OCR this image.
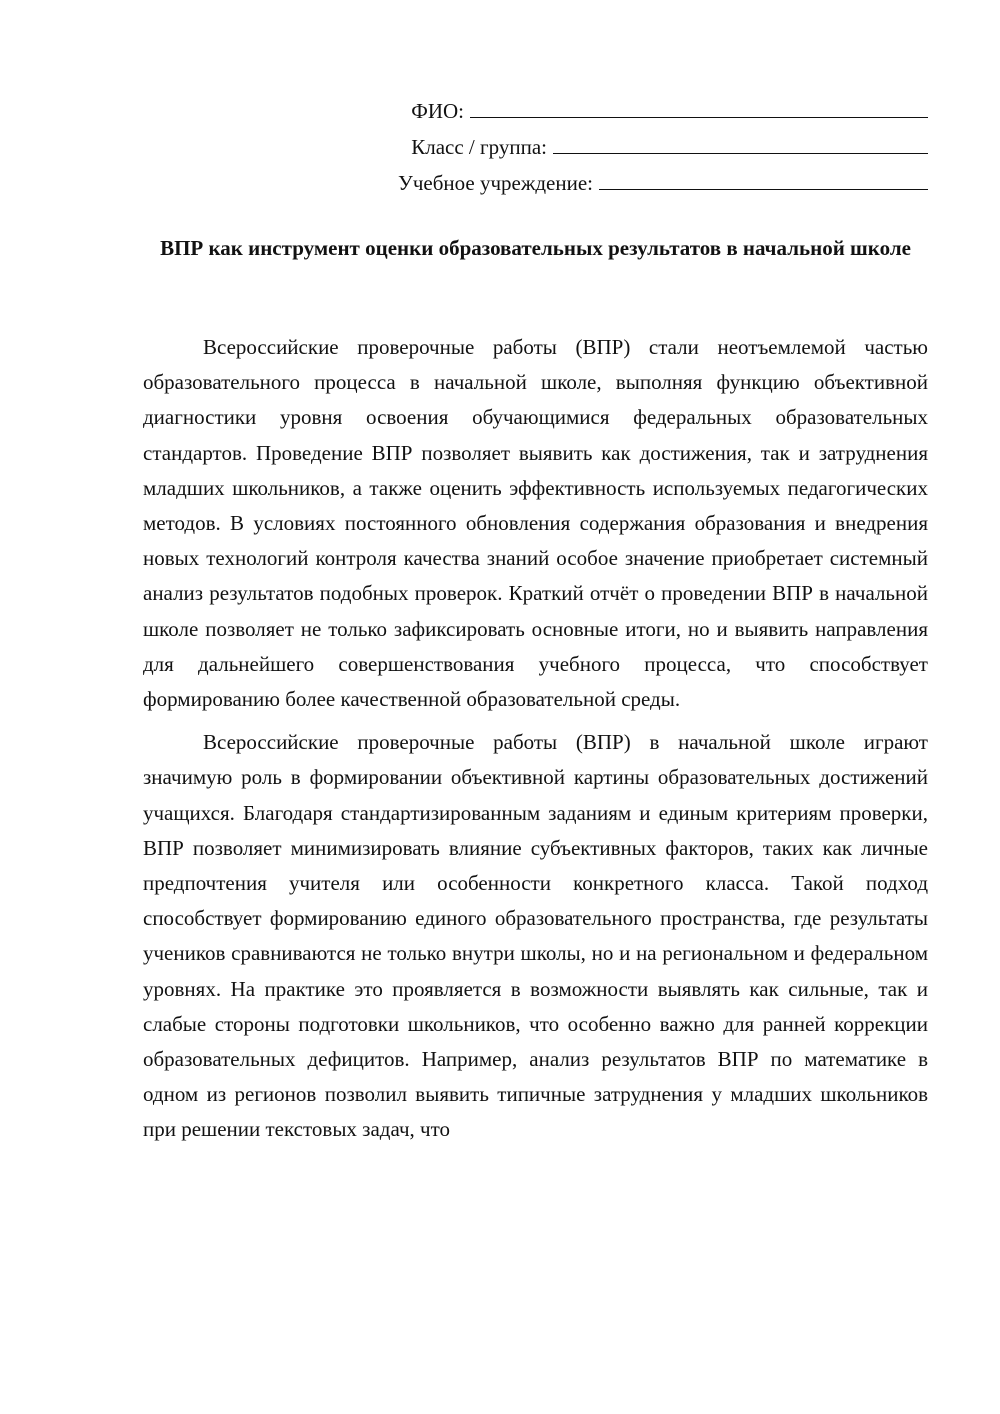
ФИО:
Класс / группа:
Учебное учреждение:
ВПР как инструмент оценки образовательных результатов в начальной школе

Всероссийские проверочные работы (ВПР) стали неотъемлемой частью образовательного процесса в начальной школе, выполняя функцию объективной диагностики уровня освоения обучающимися федеральных образовательных стандартов. Проведение ВПР позволяет выявить как достижения, так и затруднения младших школьников, а также оценить эффективность используемых педагогических методов. В условиях постоянного обновления содержания образования и внедрения новых технологий контроля качества знаний особое значение приобретает системный анализ результатов подобных проверок. Краткий отчёт о проведении ВПР в начальной школе позволяет не только зафиксировать основные итоги, но и выявить направления для дальнейшего совершенствования учебного процесса, что способствует формированию более качественной образовательной среды.

Всероссийские проверочные работы (ВПР) в начальной школе играют значимую роль в формировании объективной картины образовательных достижений учащихся. Благодаря стандартизированным заданиям и единым критериям проверки, ВПР позволяет минимизировать влияние субъективных факторов, таких как личные предпочтения учителя или особенности конкретного класса. Такой подход способствует формированию единого образовательного пространства, где результаты учеников сравниваются не только внутри школы, но и на региональном и федеральном уровнях. На практике это проявляется в возможности выявлять как сильные, так и слабые стороны подготовки школьников, что особенно важно для ранней коррекции образовательных дефицитов. Например, анализ результатов ВПР по математике в одном из регионов позволил выявить типичные затруднения у младших школьников при решении текстовых задач, что
